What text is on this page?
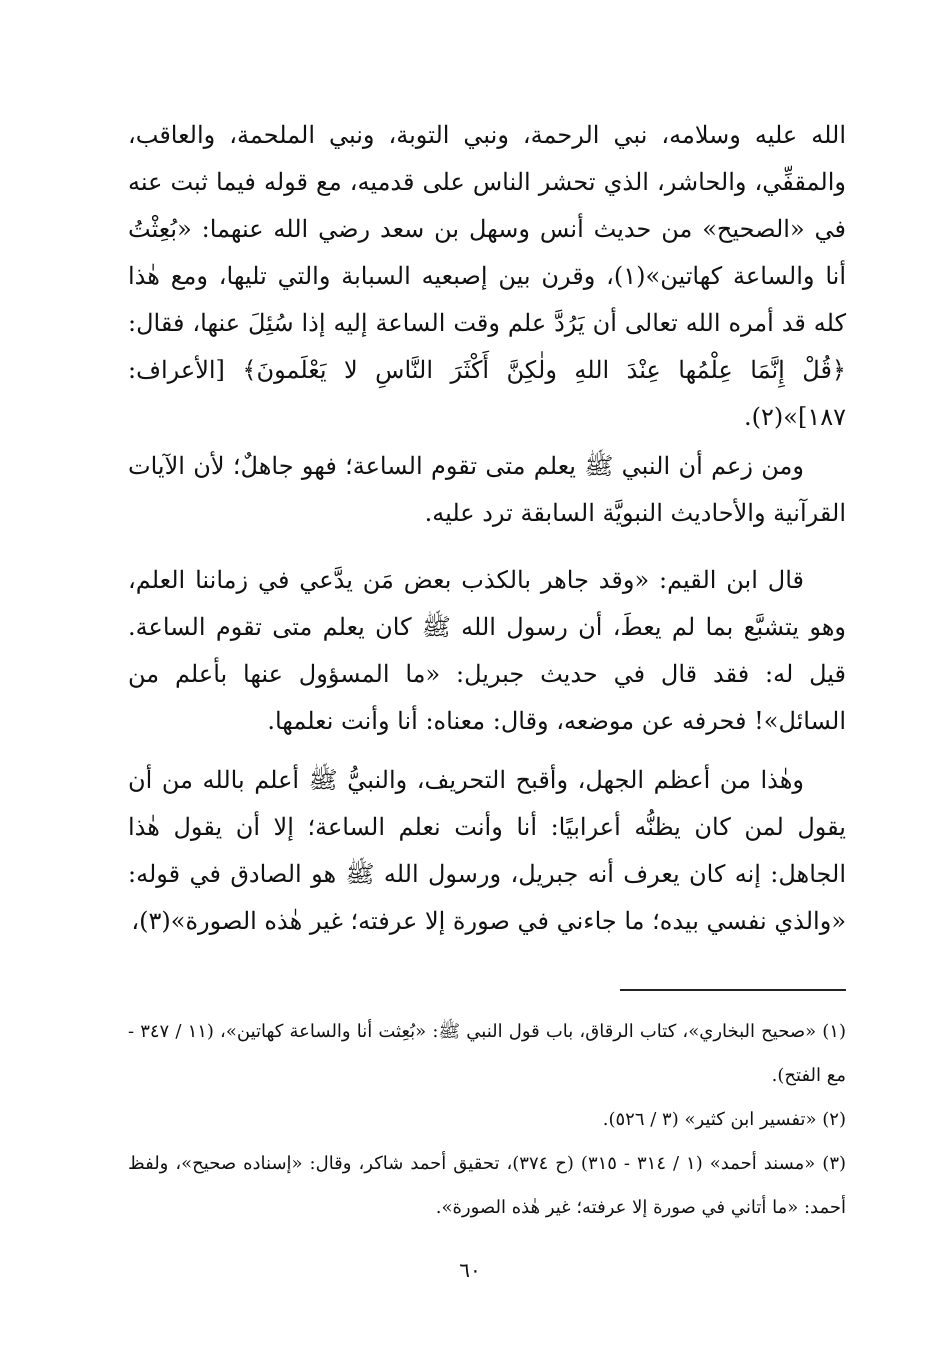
الله عليه وسلامه، نبي الرحمة، ونبي التوبة، ونبي الملحمة، والعاقب، والمقفِّي، والحاشر، الذي تحشر الناس على قدميه، مع قوله فيما ثبت عنه في «الصحيح» من حديث أنس وسهل بن سعد رضي الله عنهما: «بُعِثْتُ أنا والساعة كهاتين»(١)، وقرن بين إصبعيه السبابة والتي تليها، ومع هٰذا كله قد أمره الله تعالى أن يَرُدَّ علم وقت الساعة إليه إذا سُئِلَ عنها، فقال: ﴿قُلْ إِنَّمَا عِلْمُها عِنْدَ اللهِ ولٰكِنَّ أَكْثَرَ النَّاسِ لا يَعْلَمونَ﴾ [الأعراف: ١٨٧]»(٢).

ومن زعم أن النبي ﷺ يعلم متى تقوم الساعة؛ فهو جاهلٌ؛ لأن الآيات القرآنية والأحاديث النبويَّة السابقة ترد عليه.

قال ابن القيم: «وقد جاهر بالكذب بعض مَن يدَّعي في زماننا العلم، وهو يتشبَّع بما لم يعطَ، أن رسول الله ﷺ كان يعلم متى تقوم الساعة. قيل له: فقد قال في حديث جبريل: «ما المسؤول عنها بأعلم من السائل»! فحرفه عن موضعه، وقال: معناه: أنا وأنت نعلمها.

وهٰذا من أعظم الجهل، وأقبح التحريف، والنبيُّ ﷺ أعلم بالله من أن يقول لمن كان يظنُّه أعرابيًا: أنا وأنت نعلم الساعة؛ إلا أن يقول هٰذا الجاهل: إنه كان يعرف أنه جبريل، ورسول الله ﷺ هو الصادق في قوله: «والذي نفسي بيده؛ ما جاءني في صورة إلا عرفته؛ غير هٰذه الصورة»(٣)،

(١) «صحيح البخاري»، كتاب الرقاق، باب قول النبي ﷺ: «بُعِثت أنا والساعة كهاتين»، (١١ / ٣٤٧ - مع الفتح).

(٢) «تفسير ابن كثير» (٣ / ٥٢٦).

(٣) «مسند أحمد» (١ / ٣١٤ - ٣١٥) (ح ٣٧٤)، تحقيق أحمد شاكر، وقال: «إسناده صحيح»، ولفظ أحمد: «ما أتاني في صورة إلا عرفته؛ غير هٰذه الصورة».

٦٠
